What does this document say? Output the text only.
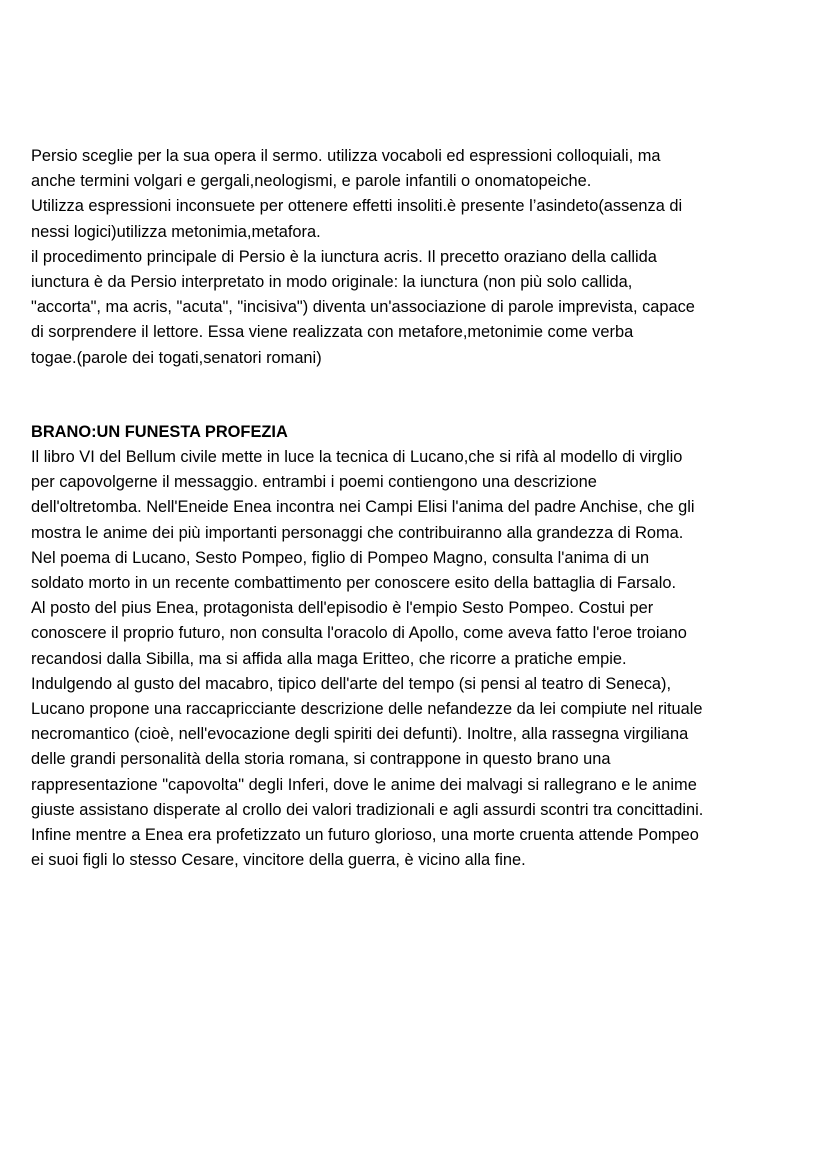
Persio sceglie per la sua opera il sermo. utilizza vocaboli ed espressioni colloquiali, ma
anche termini volgari e gergali,neologismi, e parole infantili o onomatopeiche.
Utilizza espressioni inconsuete per ottenere effetti insoliti.è presente l’asindeto(assenza di
nessi logici)utilizza metonimia,metafora.
il procedimento principale di Persio è la iunctura acris. Il precetto oraziano della callida
iunctura è da Persio interpretato in modo originale: la iunctura (non più solo callida,
"accorta", ma acris, "acuta", "incisiva") diventa un'associazione di parole imprevista, capace
di sorprendere il lettore. Essa viene realizzata con metafore,metonimie come verba
togae.(parole dei togati,senatori romani)
BRANO:UN FUNESTA PROFEZIA
Il libro VI del Bellum civile mette in luce la tecnica di Lucano,che si rifà al modello di virglio
per capovolgerne il messaggio. entrambi i poemi contiengono una descrizione
dell'oltretomba. Nell'Eneide Enea incontra nei Campi Elisi l'anima del padre Anchise, che gli
mostra le anime dei più importanti personaggi che contribuiranno alla grandezza di Roma.
Nel poema di Lucano, Sesto Pompeo, figlio di Pompeo Magno, consulta l'anima di un
soldato morto in un recente combattimento per conoscere esito della battaglia di Farsalo.
Al posto del pius Enea, protagonista dell'episodio è l'empio Sesto Pompeo. Costui per
conoscere il proprio futuro, non consulta l'oracolo di Apollo, come aveva fatto l'eroe troiano
recandosi dalla Sibilla, ma si affida alla maga Eritteo, che ricorre a pratiche empie.
Indulgendo al gusto del macabro, tipico dell'arte del tempo (si pensi al teatro di Seneca),
Lucano propone una raccapricciante descrizione delle nefandezze da lei compiute nel rituale
necromantico (cioè, nell'evocazione degli spiriti dei defunti). Inoltre, alla rassegna virgiliana
delle grandi personalità della storia romana, si contrappone in questo brano una
rappresentazione "capovolta" degli Inferi, dove le anime dei malvagi si rallegrano e le anime
giuste assistano disperate al crollo dei valori tradizionali e agli assurdi scontri tra concittadini.
Infine mentre a Enea era profetizzato un futuro glorioso, una morte cruenta attende Pompeo
ei suoi figli lo stesso Cesare, vincitore della guerra, è vicino alla fine.
